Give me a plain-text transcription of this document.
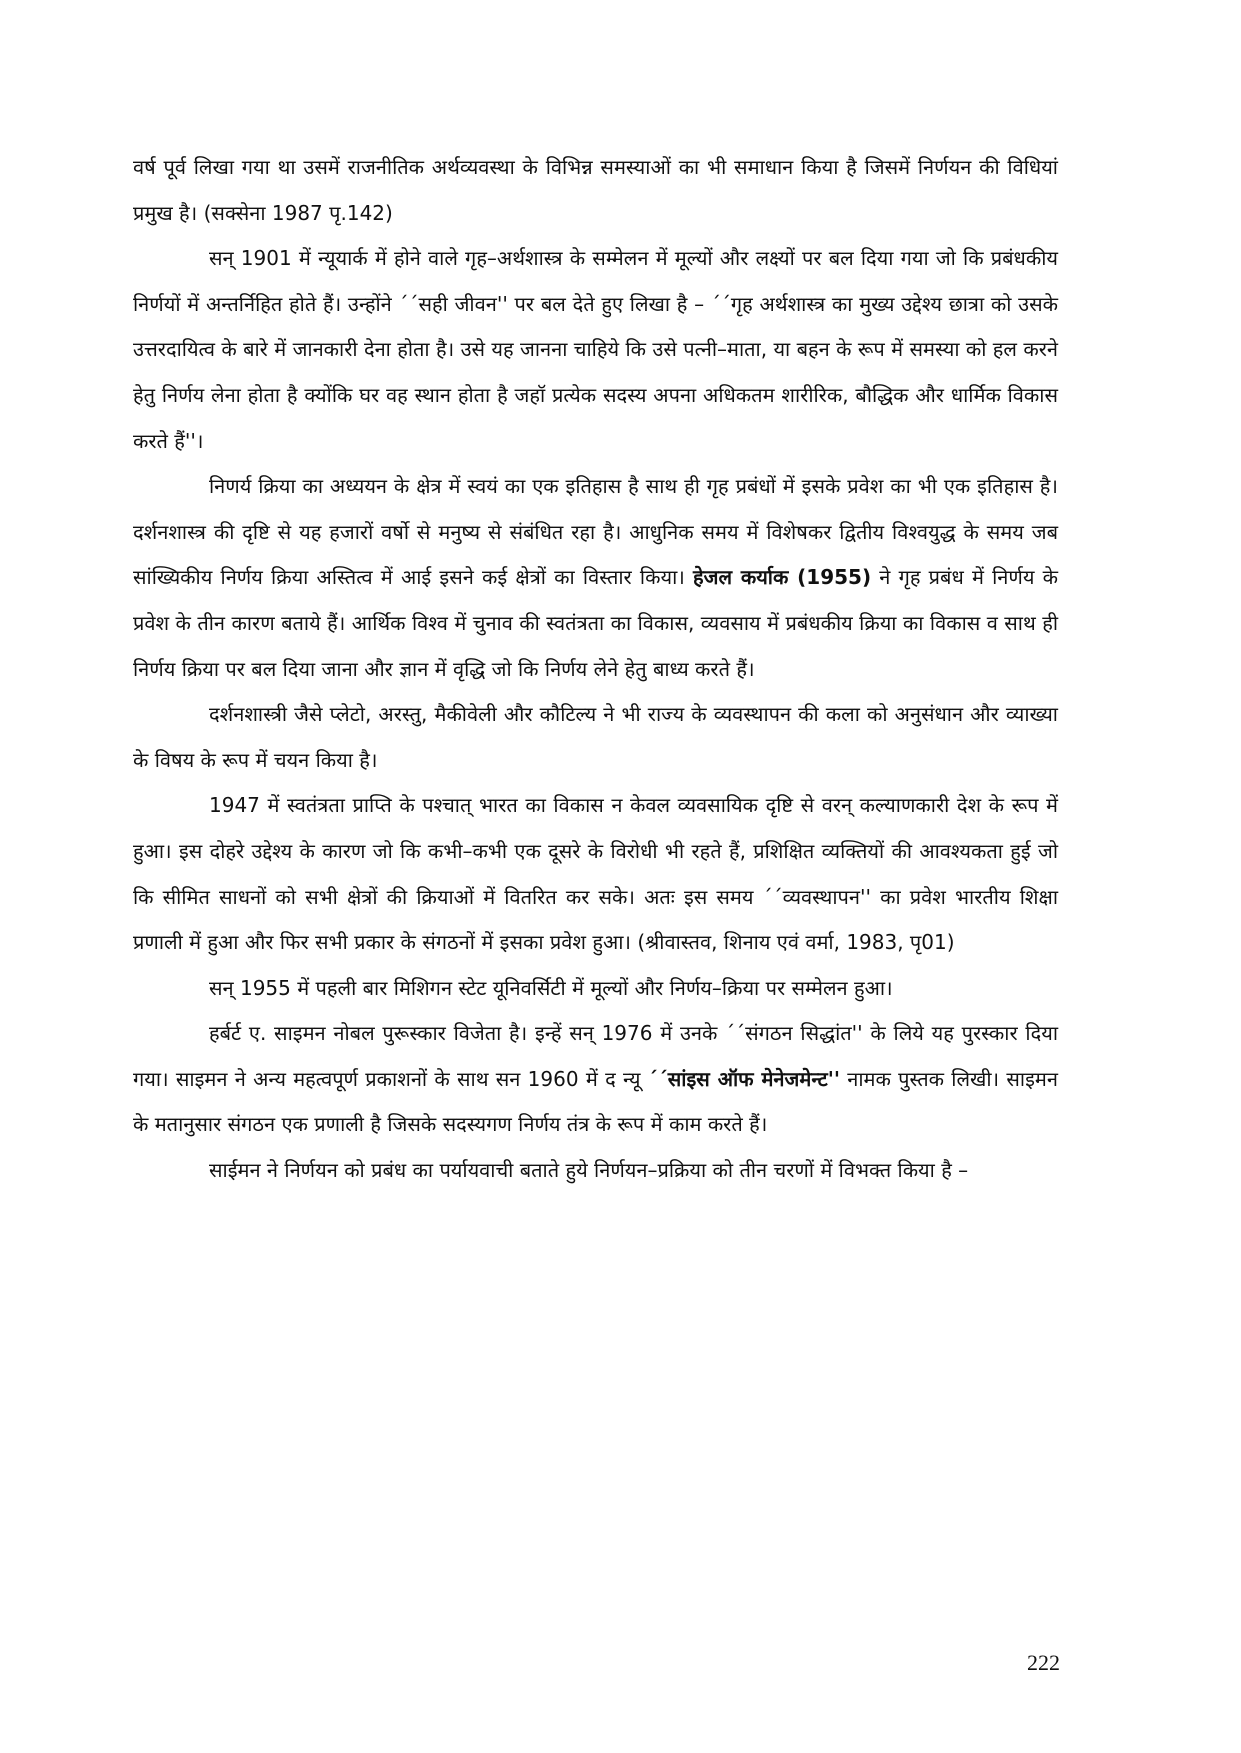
वर्ष पूर्व लिखा गया था उसमें राजनीतिक अर्थव्यवस्था के विभिन्न समस्याओं का भी समाधान किया है जिसमें निर्णयन की विधियां प्रमुख है। (सक्सेना 1987 पृ.142)

सन् 1901 में न्यूयार्क में होने वाले गृह–अर्थशास्त्र के सम्मेलन में मूल्यों और लक्ष्यों पर बल दिया गया जो कि प्रबंधकीय निर्णयों में अन्तर्निहित होते हैं। उन्होंने ´´सही जीवन'' पर बल देते हुए लिखा है – ´´गृह अर्थशास्त्र का मुख्य उद्देश्य छात्रा को उसके उत्तरदायित्व के बारे में जानकारी देना होता है। उसे यह जानना चाहिये कि उसे पत्नी–माता, या बहन के रूप में समस्या को हल करने हेतु निर्णय लेना होता है क्योंकि घर वह स्थान होता है जहॉ प्रत्येक सदस्य अपना अधिकतम शारीरिक, बौद्धिक और धार्मिक विकास करते हैं''।

निणर्य क्रिया का अध्ययन के क्षेत्र में स्वयं का एक इतिहास है साथ ही गृह प्रबंधों में इसके प्रवेश का भी एक इतिहास है। दर्शनशास्त्र की दृष्टि से यह हजारों वर्षो से मनुष्य से संबंधित रहा है। आधुनिक समय में विशेषकर द्वितीय विश्वयुद्ध के समय जब सांख्यिकीय निर्णय क्रिया अस्तित्व में आई इसने कई क्षेत्रों का विस्तार किया। हेजल कर्याक (1955) ने गृह प्रबंध में निर्णय के प्रवेश के तीन कारण बताये हैं। आर्थिक विश्व में चुनाव की स्वतंत्रता का विकास, व्यवसाय में प्रबंधकीय क्रिया का विकास व साथ ही निर्णय क्रिया पर बल दिया जाना और ज्ञान में वृद्धि जो कि निर्णय लेने हेतु बाध्य करते हैं।

दर्शनशास्त्री जैसे प्लेटो, अरस्तु, मैकीवेली और कौटिल्य ने भी राज्य के व्यवस्थापन की कला को अनुसंधान और व्याख्या के विषय के रूप में चयन किया है।

1947 में स्वतंत्रता प्राप्ति के पश्चात् भारत का विकास न केवल व्यवसायिक दृष्टि से वरन् कल्याणकारी देश के रूप में हुआ। इस दोहरे उद्देश्य के कारण जो कि कभी–कभी एक दूसरे के विरोधी भी रहते हैं, प्रशिक्षित व्यक्तियों की आवश्यकता हुई जो कि सीमित साधनों को सभी क्षेत्रों की क्रियाओं में वितरित कर सके। अतः इस समय ´´व्यवस्थापन'' का प्रवेश भारतीय शिक्षा प्रणाली में हुआ और फिर सभी प्रकार के संगठनों में इसका प्रवेश हुआ। (श्रीवास्तव, शिनाय एवं वर्मा, 1983, पृ01)

सन् 1955 में पहली बार मिशिगन स्टेट यूनिवर्सिटी में मूल्यों और निर्णय–क्रिया पर सम्मेलन हुआ।

हर्बर्ट ए. साइमन नोबल पुरूस्कार विजेता है। इन्हें सन् 1976 में उनके ´´संगठन सिद्धांत'' के लिये यह पुरस्कार दिया गया। साइमन ने अन्य महत्वपूर्ण प्रकाशनों के साथ सन 1960 में द न्यू ´´सांइस ऑफ मेनेजमेन्ट'' नामक पुस्तक लिखी। साइमन के मतानुसार संगठन एक प्रणाली है जिसके सदस्यगण निर्णय तंत्र के रूप में काम करते हैं।

साईमन ने निर्णयन को प्रबंध का पर्यायवाची बताते हुये निर्णयन–प्रक्रिया को तीन चरणों में विभक्त किया है –

222
